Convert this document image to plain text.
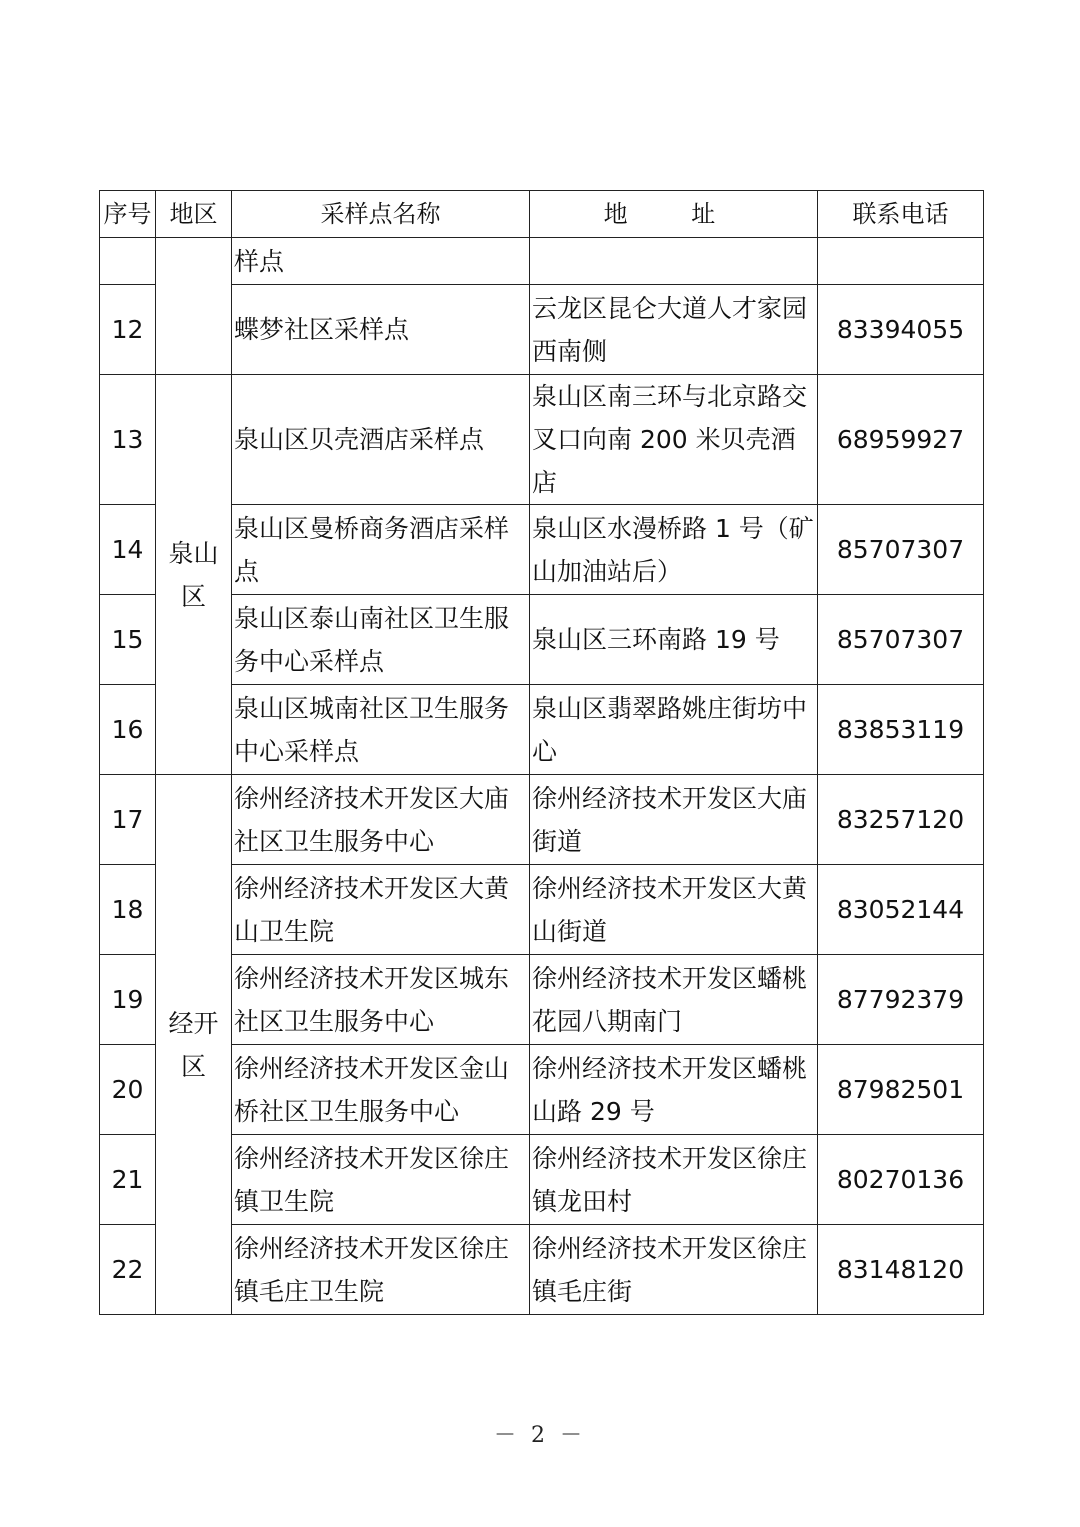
序号	地区	采样点名称	地 址	联系电话
		样点		
12		蝶梦社区采样点	云龙区昆仑大道人才家园西南侧	83394055
13	泉山区	泉山区贝壳酒店采样点	泉山区南三环与北京路交叉口向南 200 米贝壳酒店	68959927
14		泉山区曼桥商务酒店采样点	泉山区水漫桥路 1 号（矿山加油站后）	85707307
15		泉山区泰山南社区卫生服务中心采样点	泉山区三环南路 19 号	85707307
16		泉山区城南社区卫生服务中心采样点	泉山区翡翠路姚庄街坊中心	83853119
17	经开区	徐州经济技术开发区大庙社区卫生服务中心	徐州经济技术开发区大庙街道	83257120
18		徐州经济技术开发区大黄山卫生院	徐州经济技术开发区大黄山街道	83052144
19		徐州经济技术开发区城东社区卫生服务中心	徐州经济技术开发区蟠桃花园八期南门	87792379
20		徐州经济技术开发区金山桥社区卫生服务中心	徐州经济技术开发区蟠桃山路 29 号	87982501
21		徐州经济技术开发区徐庄镇卫生院	徐州经济技术开发区徐庄镇龙田村	80270136
22		徐州经济技术开发区徐庄镇毛庄卫生院	徐州经济技术开发区徐庄镇毛庄街	83148120
－ 2 －
